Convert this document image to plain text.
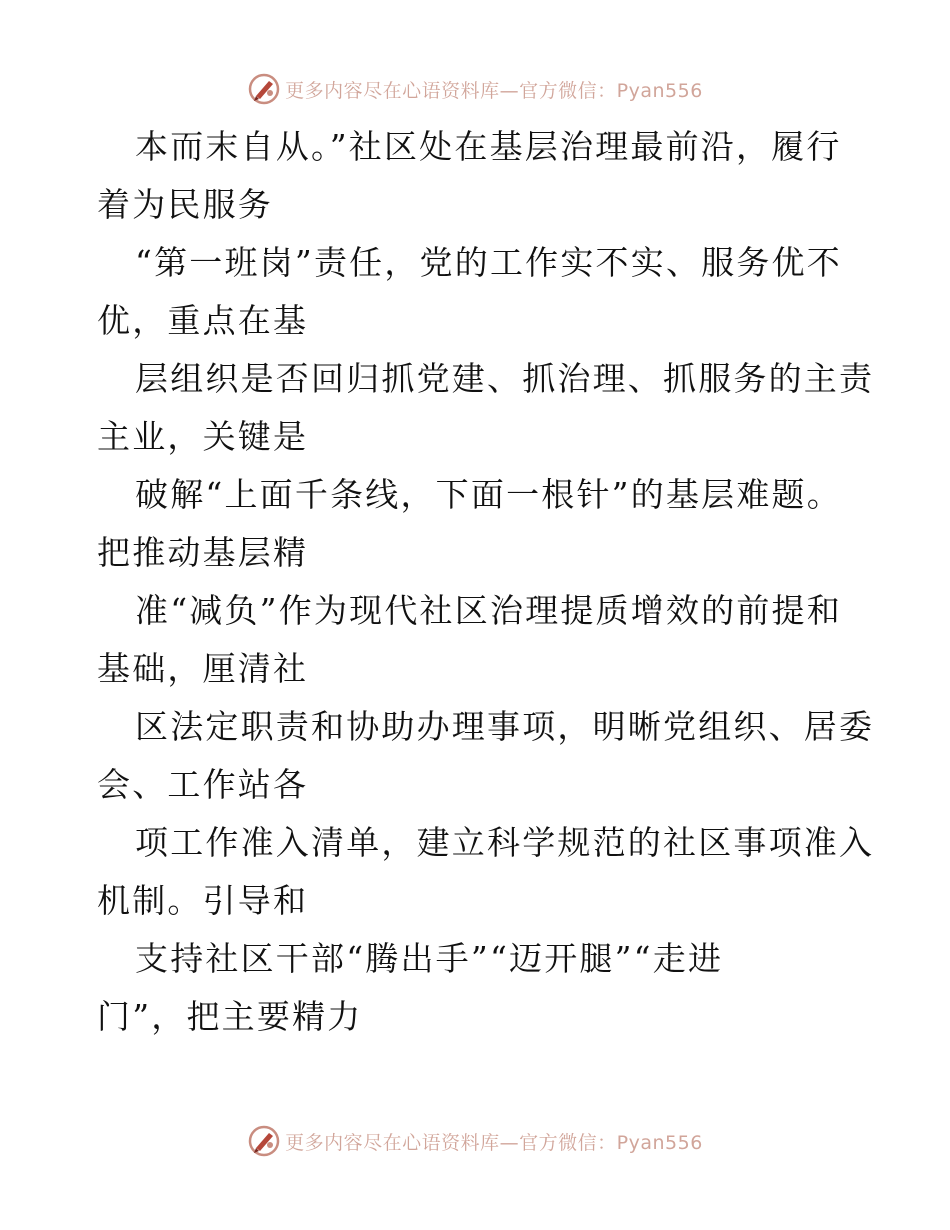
更多内容尽在心语资料库—官方微信：Pyan556
本而末自从。”社区处在基层治理最前沿，履行
着为民服务
“第一班岗”责任，党的工作实不实、服务优不
优，重点在基
层组织是否回归抓党建、抓治理、抓服务的主责
主业，关键是
破解“上面千条线，下面一根针”的基层难题。
把推动基层精
准“减负”作为现代社区治理提质增效的前提和
基础，厘清社
区法定职责和协助办理事项，明晰党组织、居委
会、工作站各
项工作准入清单，建立科学规范的社区事项准入
机制。引导和
支持社区干部“腾出手”“迈开腿”“走进
门”，把主要精力
更多内容尽在心语资料库—官方微信：Pyan556
